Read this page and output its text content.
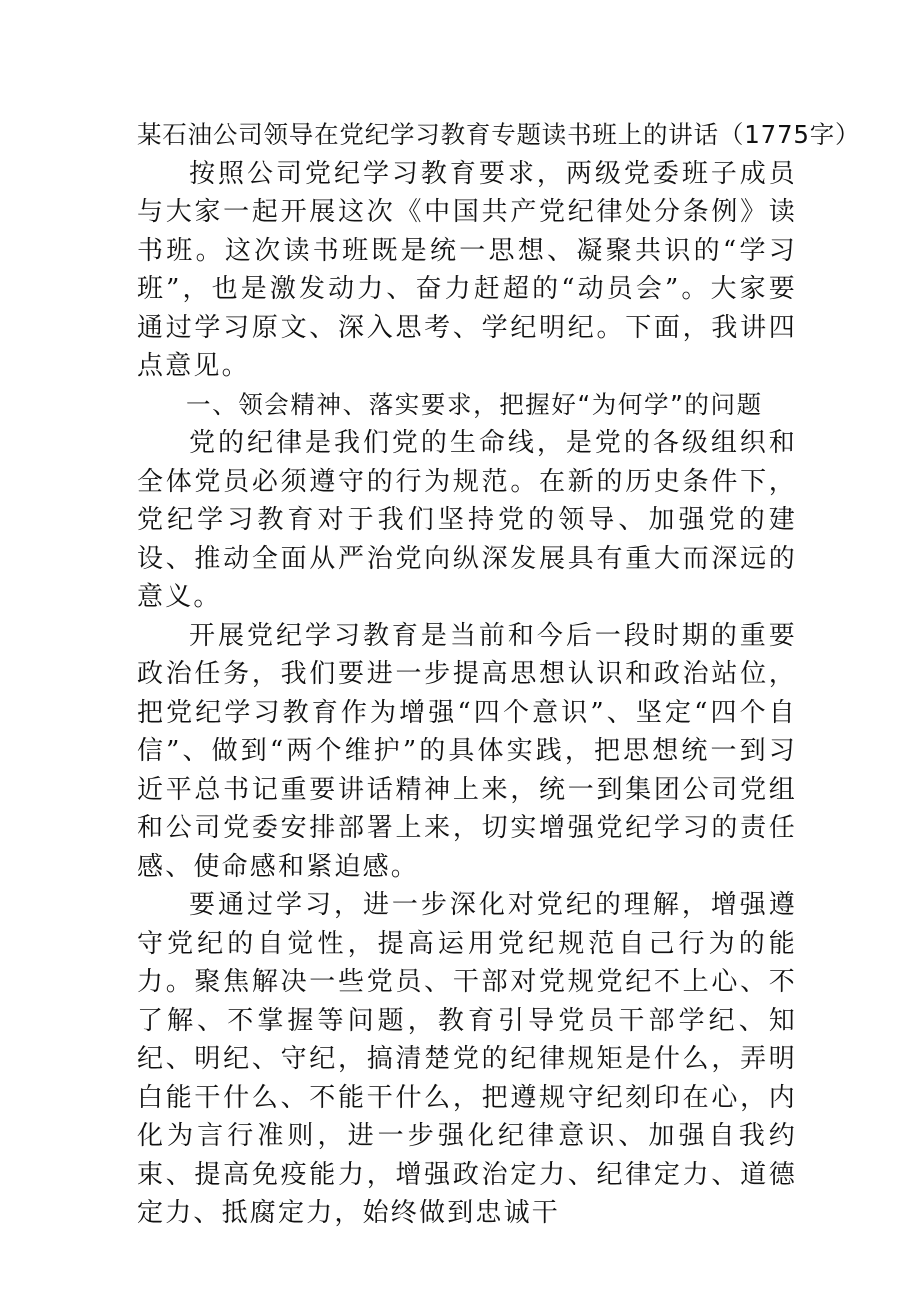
某石油公司领导在党纪学习教育专题读书班上的讲话（1775字）

按照公司党纪学习教育要求，两级党委班子成员与大家一起开展这次《中国共产党纪律处分条例》读书班。这次读书班既是统一思想、凝聚共识的“学习班”，也是激发动力、奋力赶超的“动员会”。大家要通过学习原文、深入思考、学纪明纪。下面，我讲四点意见。

一、领会精神、落实要求，把握好“为何学”的问题

党的纪律是我们党的生命线，是党的各级组织和全体党员必须遵守的行为规范。在新的历史条件下，党纪学习教育对于我们坚持党的领导、加强党的建设、推动全面从严治党向纵深发展具有重大而深远的意义。

开展党纪学习教育是当前和今后一段时期的重要政治任务，我们要进一步提高思想认识和政治站位，把党纪学习教育作为增强“四个意识”、坚定“四个自信”、做到“两个维护”的具体实践，把思想统一到习近平总书记重要讲话精神上来，统一到集团公司党组和公司党委安排部署上来，切实增强党纪学习的责任感、使命感和紧迫感。

要通过学习，进一步深化对党纪的理解，增强遵守党纪的自觉性，提高运用党纪规范自己行为的能力。聚焦解决一些党员、干部对党规党纪不上心、不了解、不掌握等问题，教育引导党员干部学纪、知纪、明纪、守纪，搞清楚党的纪律规矩是什么，弄明白能干什么、不能干什么，把遵规守纪刻印在心，内化为言行准则，进一步强化纪律意识、加强自我约束、提高免疫能力，增强政治定力、纪律定力、道德定力、抵腐定力，始终做到忠诚干
